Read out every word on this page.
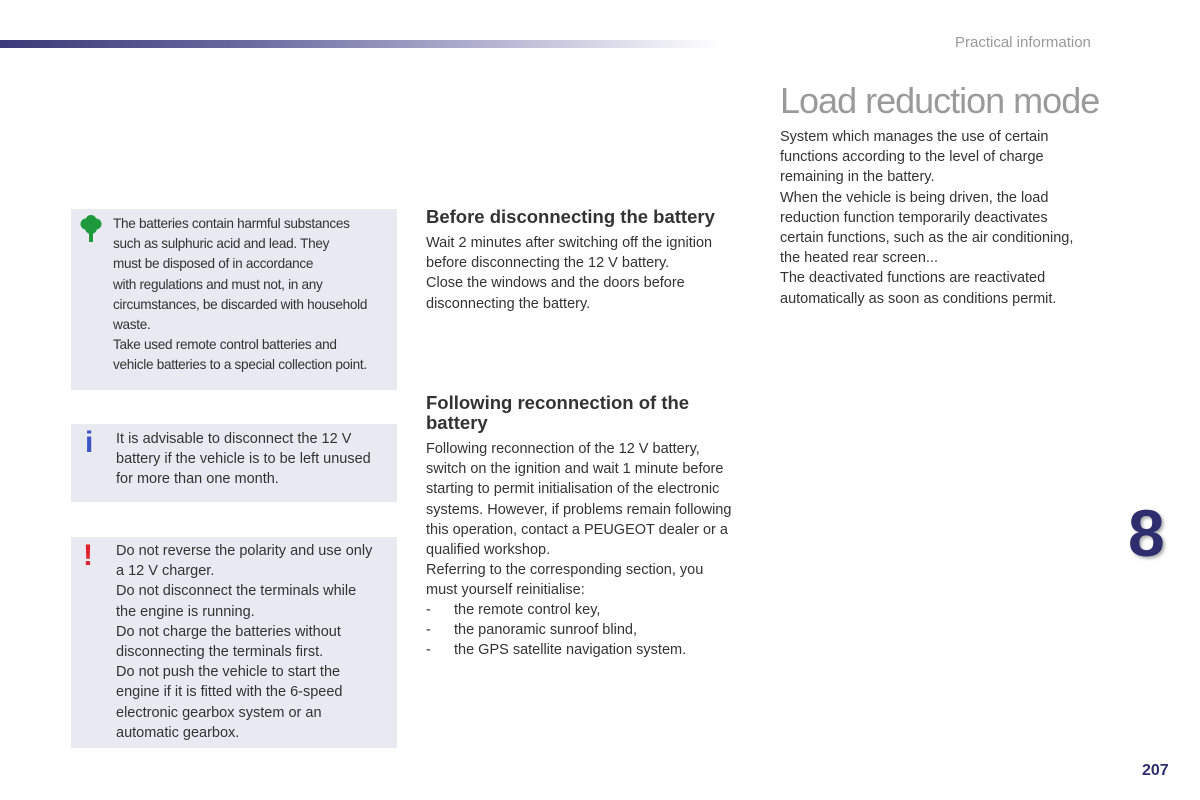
Practical information
Load reduction mode
System which manages the use of certain
functions according to the level of charge
remaining in the battery.
When the vehicle is being driven, the load
reduction function temporarily deactivates
certain functions, such as the air conditioning,
the heated rear screen...
The deactivated functions are reactivated
automatically as soon as conditions permit.
Before disconnecting the battery
Wait 2 minutes after switching off the ignition
before disconnecting the 12 V battery.
Close the windows and the doors before
disconnecting the battery.
Following reconnection of the
battery
Following reconnection of the 12 V battery,
switch on the ignition and wait 1 minute before
starting to permit initialisation of the electronic
systems. However, if problems remain following
this operation, contact a PEUGEOT dealer or a
qualified workshop.
Referring to the corresponding section, you
must yourself reinitialise:
- the remote control key,
- the panoramic sunroof blind,
- the GPS satellite navigation system.
The batteries contain harmful substances
such as sulphuric acid and lead. They
must be disposed of in accordance
with regulations and must not, in any
circumstances, be discarded with household
waste.
Take used remote control batteries and
vehicle batteries to a special collection point.
i It is advisable to disconnect the 12 V
battery if the vehicle is to be left unused
for more than one month.
! Do not reverse the polarity and use only
a 12 V charger.
Do not disconnect the terminals while
the engine is running.
Do not charge the batteries without
disconnecting the terminals first.
Do not push the vehicle to start the
engine if it is fitted with the 6-speed
electronic gearbox system or an
automatic gearbox.
8
207
